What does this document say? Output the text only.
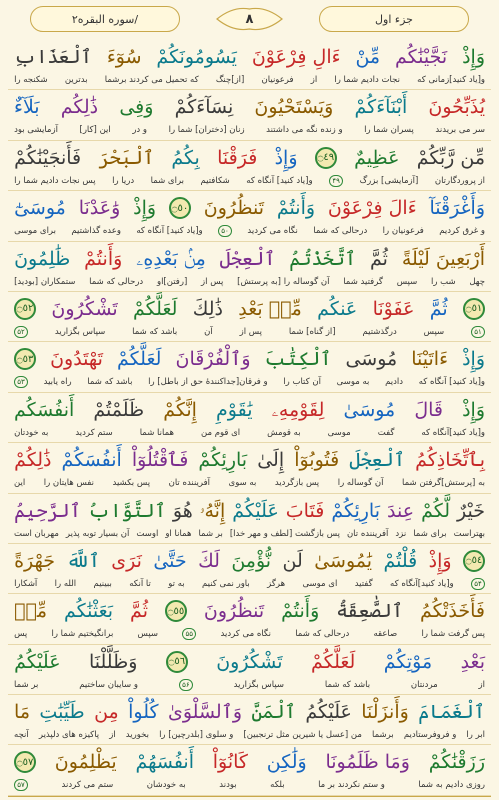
سوره البقره۲/	۸	جزء اول
وَإِذْ
نَجَّيْنَٰكُم
مِّنْ
ءَالِ فِرْعَوْنَ
يَسُومُونَكُمْ
سُوٓءَ
ٱلْعَذَابِ
و[یاد کنید]زمانی که
نجات دادیم شما را
از
فرعونیان
[از]چنگ
که تحمیل می کردند برشما
بدترین
شکنجه را
يُذَبِّحُونَ
أَبْنَآءَكُمْ
وَيَسْتَحْيُونَ
نِسَآءَكُمْ
وَفِى
ذَٰلِكُم
بَلَآءٌ
سر می بریدند
پسران شما را
و زنده نگه می داشتند
زنان [دختران] شما را
و در
این [کار]
آزمایشی بود
مِّن رَّبِّكُمْ
عَظِيمٌ
۝٤٩
وَإِذْ
فَرَقْنَا
بِكُمُ
ٱلْبَحْرَ
فَأَنجَيْنَٰكُمْ
از پروردگارتان
[آزمایشی] بزرگ
۴۹
و[یاد کنید] آنگاه که
شکافتیم
برای شما
دریا را
پس نجات دادیم شما را
وَأَغْرَقْنَآ
ءَالَ فِرْعَوْنَ
وَأَنتُمْ
تَنظُرُونَ
۝٥٠
وَإِذْ
وَٰعَدْنَا
مُوسَىٰٓ
و غرق کردیم
فرعونیان را
درحالی که شما
نگاه می کردید
۵۰
و[یاد کنید] آنگاه که
وعده گذاشتیم
برای موسی
أَرْبَعِينَ لَيْلَةً
ثُمَّ
ٱتَّخَذْتُمُ
ٱلْعِجْلَ
مِنۢ بَعْدِهِۦ
وَأَنتُمْ
ظَٰلِمُونَ
چهل
شب را
سپس
گرفتید شما
آن گوساله را [به پرستش]
پس از
[رفتن]او
درحالی که شما
ستمکاران [بودید]
۝٥١
ثُمَّ
عَفَوْنَا
عَنكُم
مِّنۢ بَعْدِ
ذَٰلِكَ
لَعَلَّكُمْ
تَشْكُرُونَ
۝٥٢
۵۱
سپس
درگذشتیم
[از گناه] شما
پس از
آن
باشد که شما
سپاس بگزارید
۵۲
وَإِذْ
ءَاتَيْنَا
مُوسَى
ٱلْكِتَٰبَ
وَٱلْفُرْقَانَ
لَعَلَّكُمْ
تَهْتَدُونَ
۝٥٣
و[یاد کنید] آنگاه که
دادیم
به موسی
آن کتاب را
و فرقان[جداکنندهٔ حق از باطل] را
باشد که شما
راه یابید
۵۳
وَإِذْ
قَالَ
مُوسَىٰ
لِقَوْمِهِۦ
يَٰقَوْمِ
إِنَّكُمْ
ظَلَمْتُمْ
أَنفُسَكُم
و[یاد کنید]آنگاه که
گفت
موسی
به قومش
ای قوم من
همانا شما
ستم کردید
به خودتان
بِٱتِّخَاذِكُمُ
ٱلْعِجْلَ
فَتُوبُوٓاْ
إِلَىٰ
بَارِئِكُمْ
فَٱقْتُلُوٓاْ
أَنفُسَكُمْ
ذَٰلِكُمْ
به [پرستش]گرفتن شما
آن گوساله را
پس بازگردید
به سوی
آفریننده تان
پس بکشید
نفس هایتان را
این
خَيْرٌ
لَّكُمْ
عِندَ
بَارِئِكُمْ
فَتَابَ
عَلَيْكُمْ
إِنَّهُۥ
هُوَ
ٱلتَّوَّابُ
ٱلرَّحِيمُ
بهتراست
برای شما
نزد
آفریننده تان
پس بازگشت [لطف و مهر خدا]
بر شما
همانا او
اوست
آن بسیار توبه پذیر
مهربان است
۝٥٤
وَإِذْ
قُلْتُمْ
يَٰمُوسَىٰ
لَن
نُّؤْمِنَ
لَكَ
حَتَّىٰ
نَرَى
ٱللَّهَ
جَهْرَةً
۵۴
و[یاد کنید]آنگاه که
گفتید
ای موسی
هرگز
باور نمی کنیم
به تو
تا آنکه
ببینیم
الله را
آشکارا
فَأَخَذَتْكُمُ
ٱلصَّٰعِقَةُ
وَأَنتُمْ
تَنظُرُونَ
۝٥٥
ثُمَّ
بَعَثْنَٰكُم
مِّنۢ
پس گرفت شما را
صاعقه
درحالی که شما
نگاه می کردید
۵۵
سپس
برانگیختیم شما را
پس
بَعْدِ
مَوْتِكُمْ
لَعَلَّكُمْ
تَشْكُرُونَ
۝٥٦
وَظَلَّلْنَا
عَلَيْكُمُ
از
مردنتان
باشد که شما
سپاس بگزارید
۵۶
و سایبان ساختیم
بر شما
ٱلْغَمَامَ
وَأَنزَلْنَا
عَلَيْكُمُ
ٱلْمَنَّ
وَٱلسَّلْوَىٰ
كُلُواْ
مِن
طَيِّبَٰتِ
مَا
ابر را
و فروفرستادیم
برشما
من [عسل یا شیرین مثل ترنجبین]
و سلوی [بلدرچین] را
بخورید
از
پاکیزه های دلپذیر
آنچه
رَزَقْنَٰكُمْ
وَمَا ظَلَمُونَا
وَلَٰكِن
كَانُوٓاْ
أَنفُسَهُمْ
يَظْلِمُونَ
۝٥٧
روزی دادیم به شما
و ستم نکردند بر ما
بلکه
بودند
به خودشان
ستم می کردند
۵۷
